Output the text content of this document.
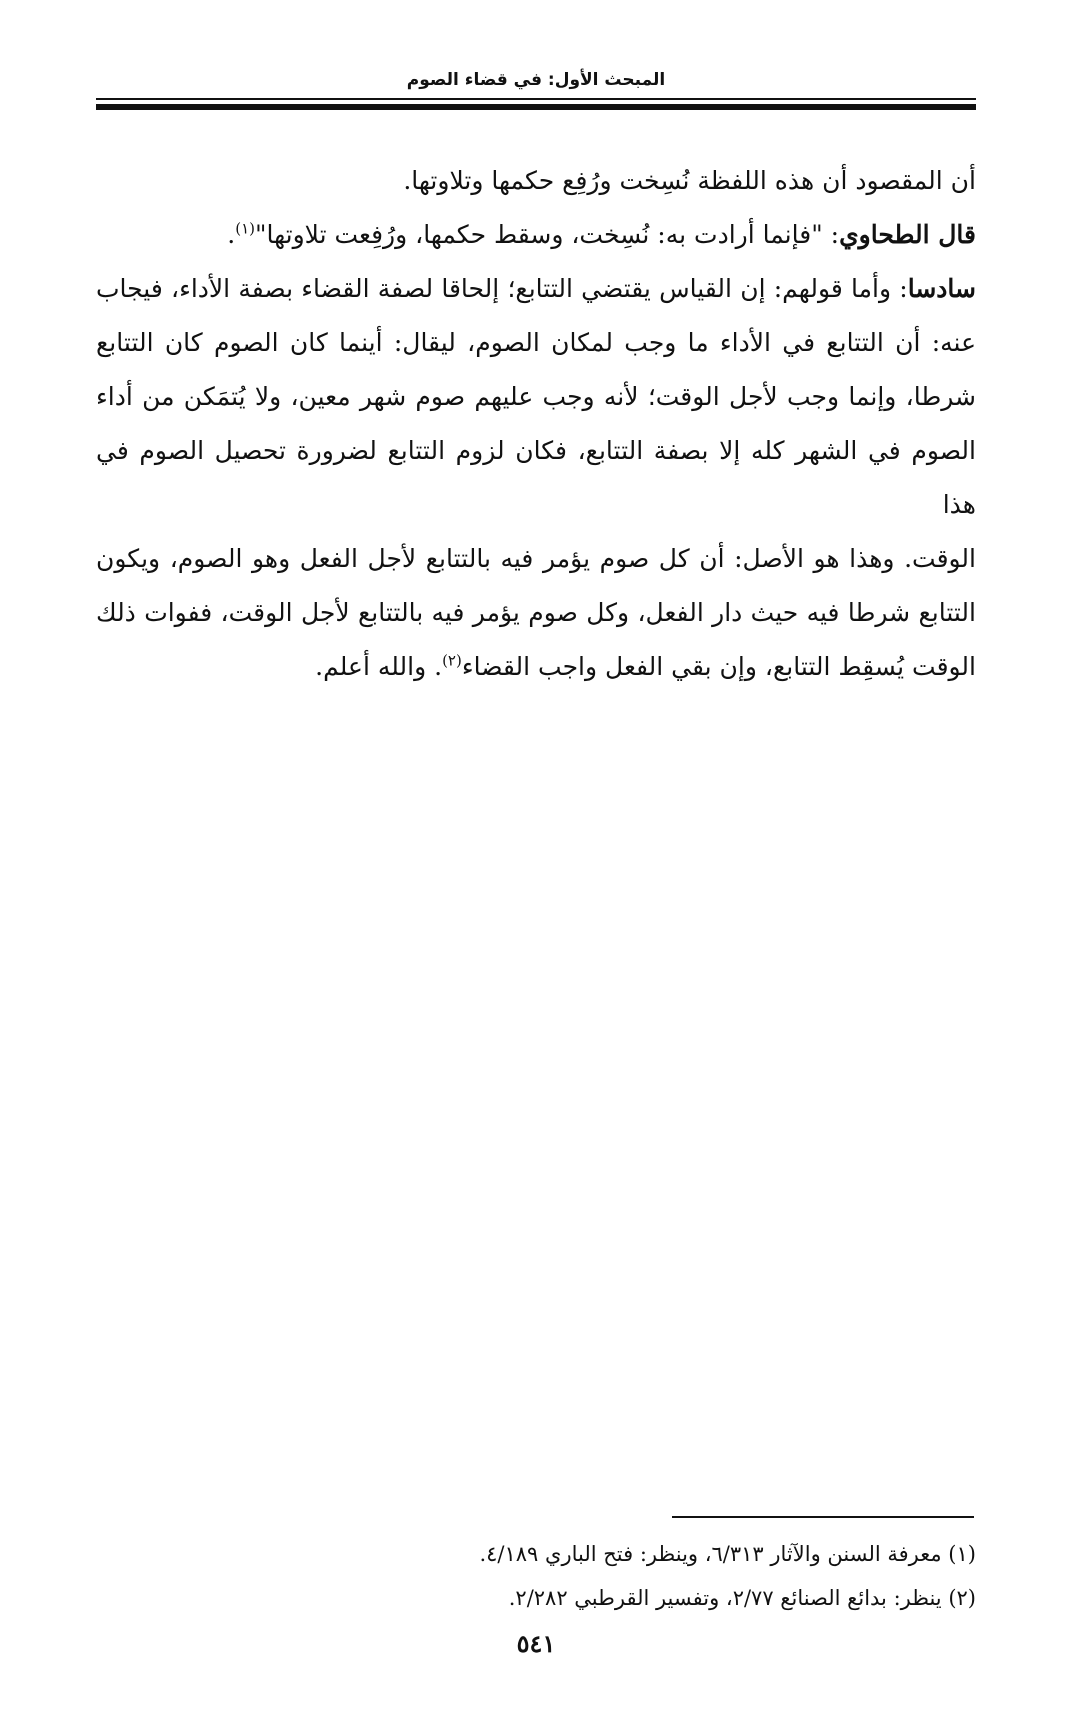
المبحث الأول: في قضاء الصوم

أن المقصود أن هذه اللفظة نُسِخت ورُفِع حكمها وتلاوتها.

قال الطحاوي: "فإنما أرادت به: نُسِخت، وسقط حكمها، ورُفِعت تلاوتها"$^{(١)}$.

سادسا: وأما قولهم: إن القياس يقتضي التتابع؛ إلحاقا لصفة القضاء بصفة الأداء، فيجاب

عنه: أن التتابع في الأداء ما وجب لمكان الصوم، ليقال: أينما كان الصوم كان التتابع

شرطا، وإنما وجب لأجل الوقت؛ لأنه وجب عليهم صوم شهر معين، ولا يُتمَكن من أداء

الصوم في الشهر كله إلا بصفة التتابع، فكان لزوم التتابع لضرورة تحصيل الصوم في هذا

الوقت. وهذا هو الأصل: أن كل صوم يؤمر فيه بالتتابع لأجل الفعل وهو الصوم، ويكون

التتابع شرطا فيه حيث دار الفعل، وكل صوم يؤمر فيه بالتتابع لأجل الوقت، ففوات ذلك

الوقت يُسقِط التتابع، وإن بقي الفعل واجب القضاء$^{(٢)}$. والله أعلم.

(١) معرفة السنن والآثار ٦/٣١٣، وينظر: فتح الباري ٤/١٨٩.
(٢) ينظر: بدائع الصنائع ٢/٧٧، وتفسير القرطبي ٢/٢٨٢.
٥٤١
